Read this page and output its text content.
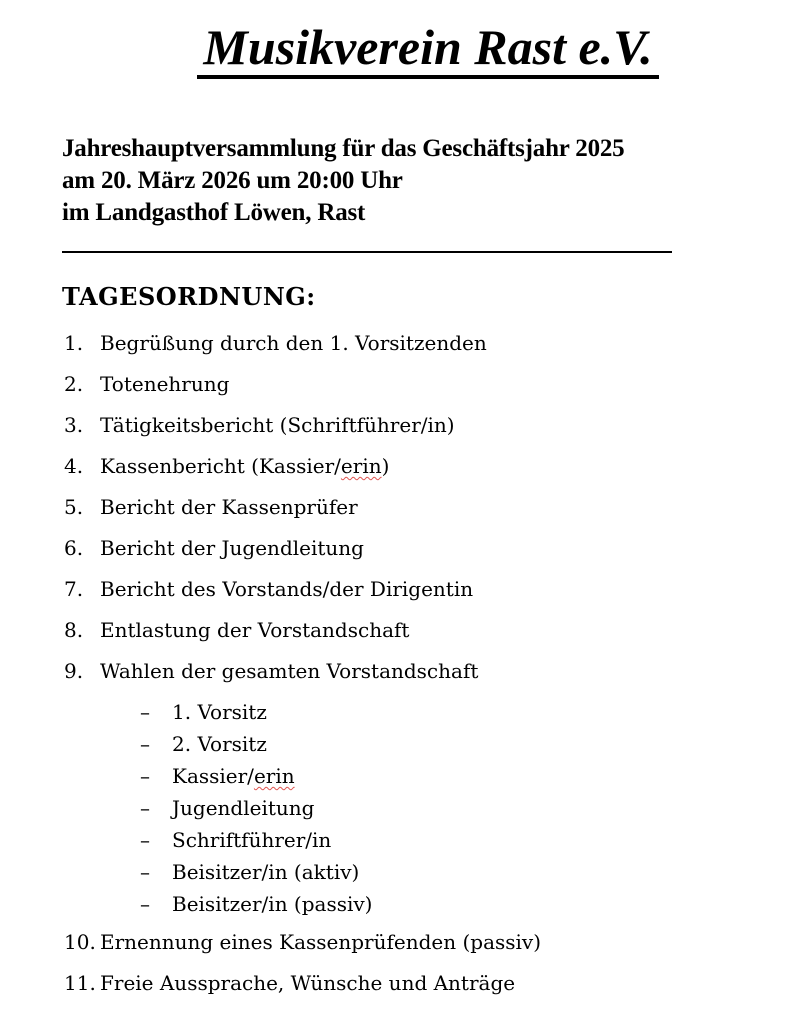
Musikverein Rast e.V.
Jahreshauptversammlung für das Geschäftsjahr 2025
am 20. März 2026 um 20:00 Uhr
im Landgasthof Löwen, Rast
TAGESORDNUNG:
1. Begrüßung durch den 1. Vorsitzenden
2. Totenehrung
3. Tätigkeitsbericht (Schriftführer/in)
4. Kassenbericht (Kassier/erin)
5. Bericht der Kassenprüfer
6. Bericht der Jugendleitung
7. Bericht des Vorstands/der Dirigentin
8. Entlastung der Vorstandschaft
9. Wahlen der gesamten Vorstandschaft
–	1. Vorsitz
–	2. Vorsitz
–	Kassier/erin
–	Jugendleitung
–	Schriftführer/in
–	Beisitzer/in (aktiv)
–	Beisitzer/in (passiv)
10. Ernennung eines Kassenprüfenden (passiv)
11. Freie Aussprache, Wünsche und Anträge
